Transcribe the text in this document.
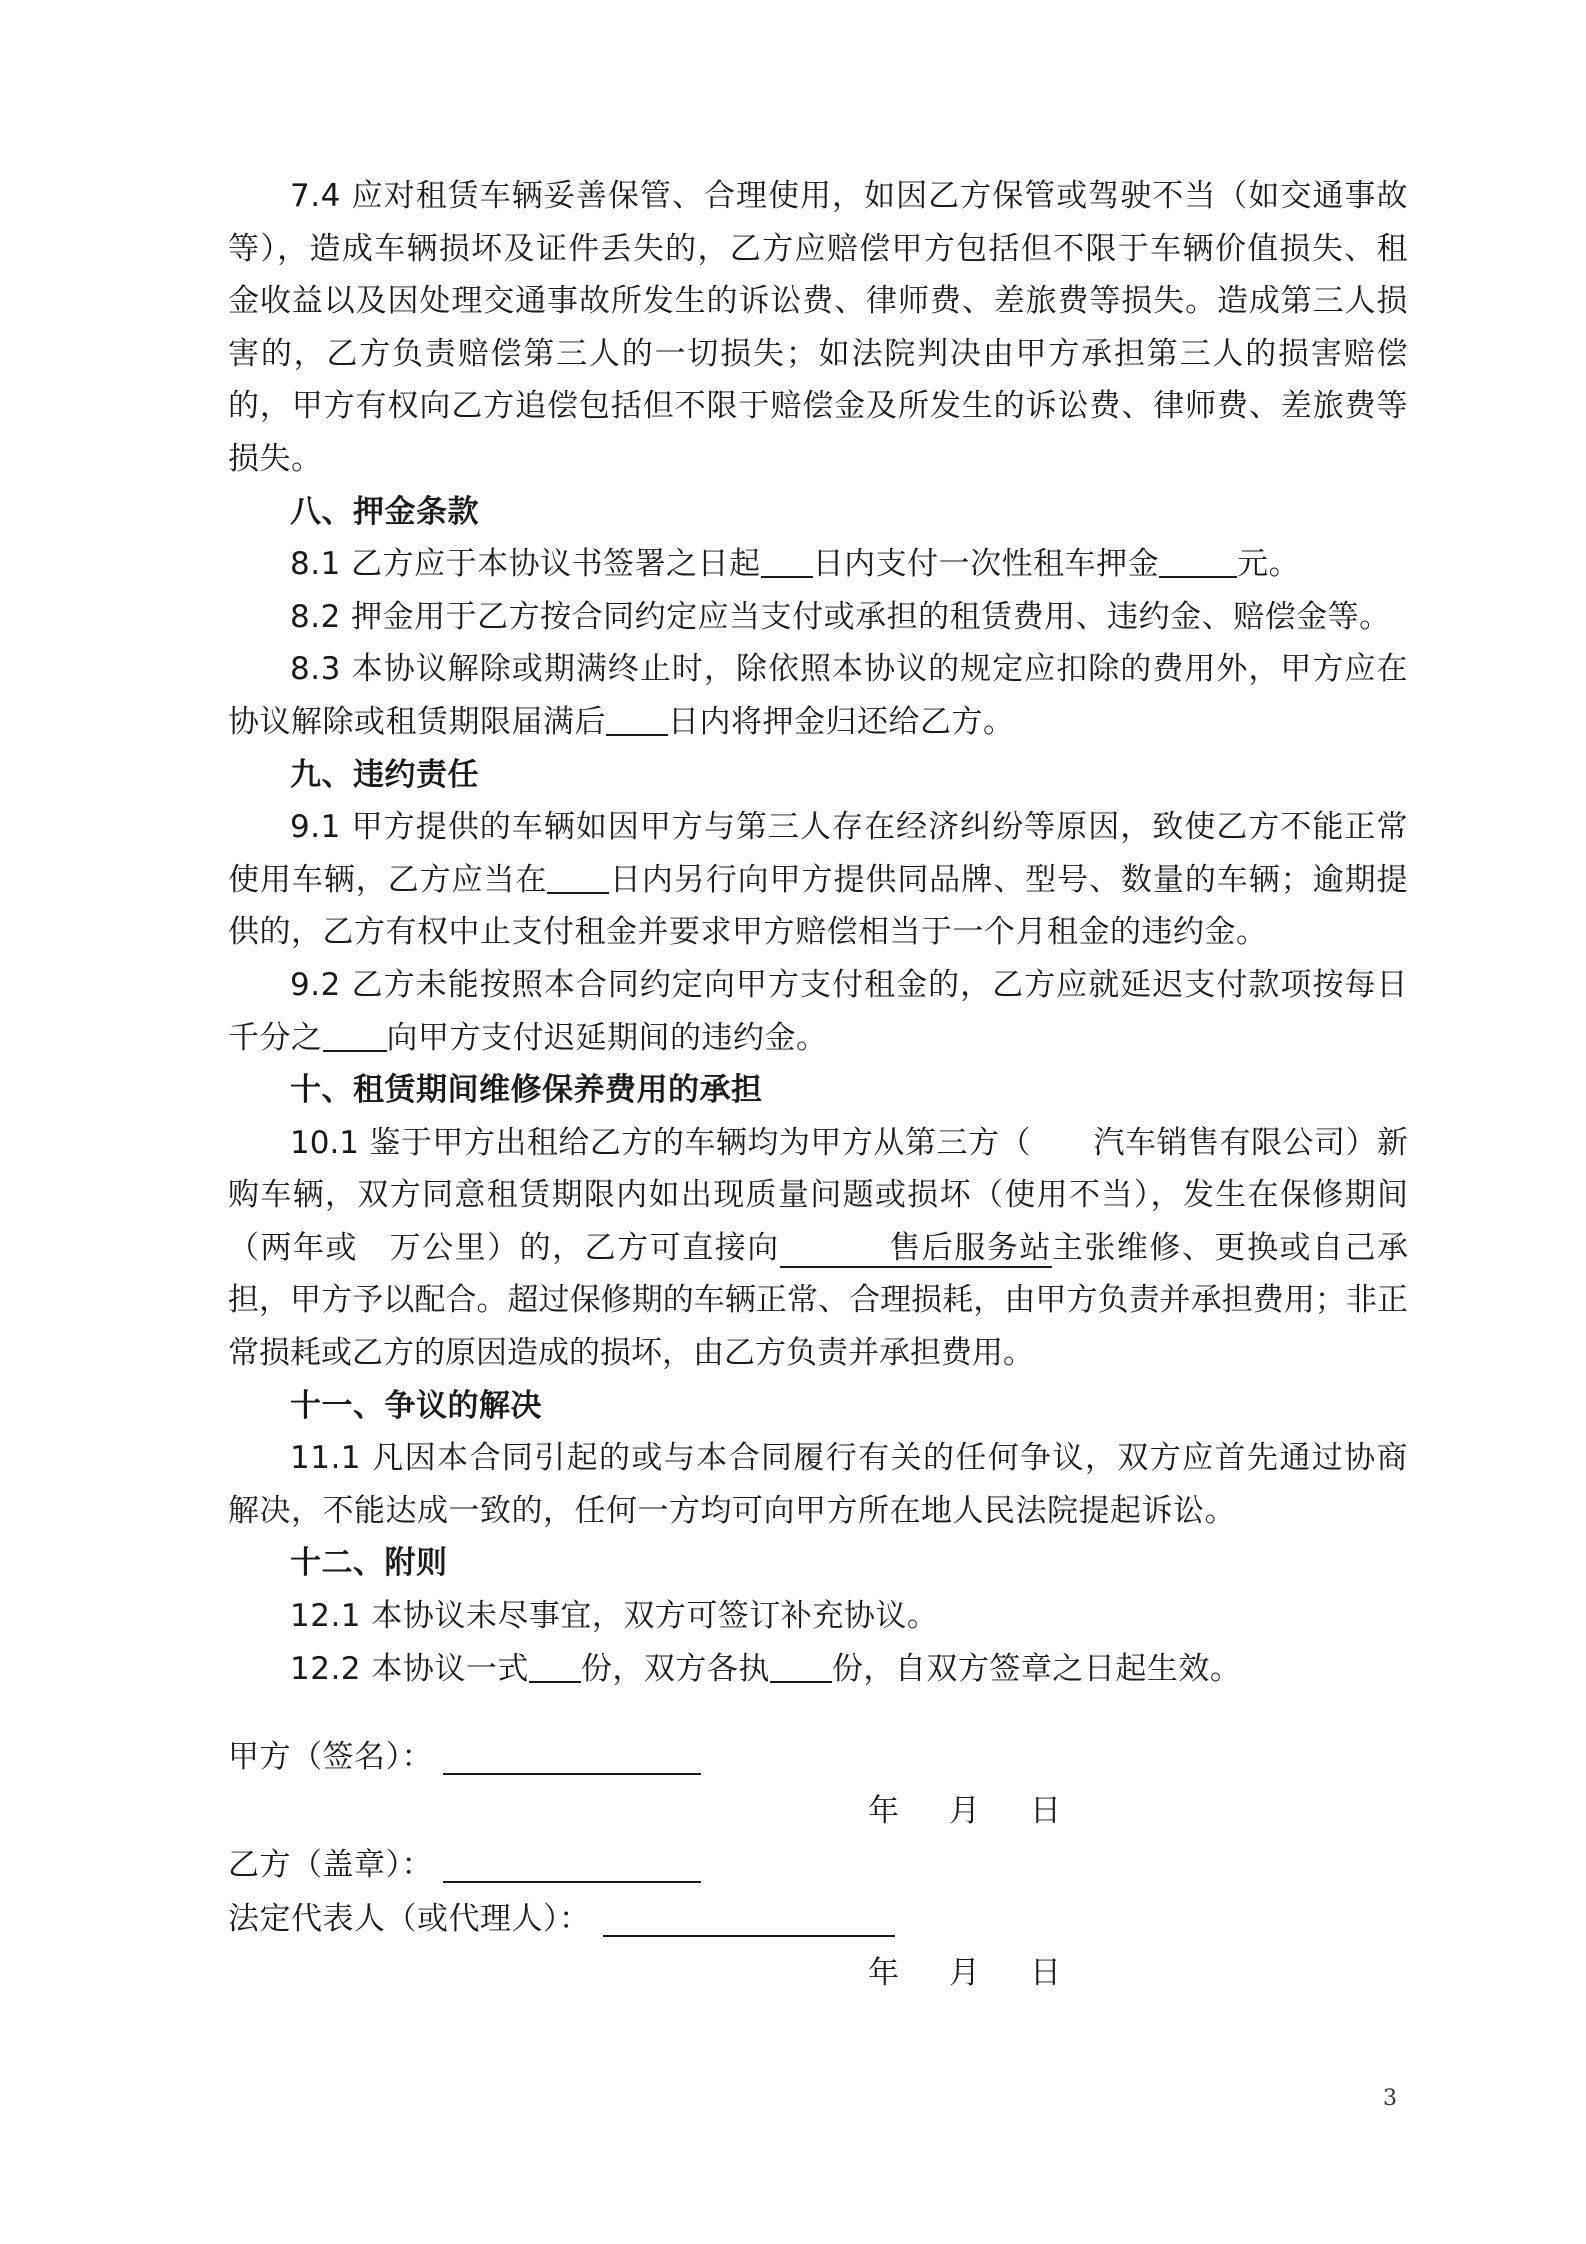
7.4 应对租赁车辆妥善保管、合理使用，如因乙方保管或驾驶不当（如交通事故等），造成车辆损坏及证件丢失的，乙方应赔偿甲方包括但不限于车辆价值损失、租金收益以及因处理交通事故所发生的诉讼费、律师费、差旅费等损失。造成第三人损害的，乙方负责赔偿第三人的一切损失；如法院判决由甲方承担第三人的损害赔偿的，甲方有权向乙方追偿包括但不限于赔偿金及所发生的诉讼费、律师费、差旅费等损失。

八、押金条款

8.1 乙方应于本协议书签署之日起 日内支付一次性租车押金	元。

8.2 押金用于乙方按合同约定应当支付或承担的租赁费用、违约金、赔偿金等。

8.3 本协议解除或期满终止时，除依照本协议的规定应扣除的费用外，甲方应在协议解除或租赁期限届满后 日内将押金归还给乙方。

九、违约责任

9.1 甲方提供的车辆如因甲方与第三人存在经济纠纷等原因，致使乙方不能正常使用车辆，乙方应当在 日内另行向甲方提供同品牌、型号、数量的车辆；逾期提供的，乙方有权中止支付租金并要求甲方赔偿相当于一个月租金的违约金。

9.2 乙方未能按照本合同约定向甲方支付租金的，乙方应就延迟支付款项按每日千分之 向甲方支付迟延期间的违约金。

十、租赁期间维修保养费用的承担

10.1 鉴于甲方出租给乙方的车辆均为甲方从第三方（ 汽车销售有限公司）新购车辆，双方同意租赁期限内如出现质量问题或损坏（使用不当），发生在保修期间（两年或 万公里）的，乙方可直接向	售后服务站主张维修、更换或自己承担，甲方予以配合。超过保修期的车辆正常、合理损耗，由甲方负责并承担费用；非正常损耗或乙方的原因造成的损坏，由乙方负责并承担费用。

十一、争议的解决

11.1 凡因本合同引起的或与本合同履行有关的任何争议，双方应首先通过协商解决，不能达成一致的，任何一方均可向甲方所在地人民法院提起诉讼。

十二、附则

12.1 本协议未尽事宜，双方可签订补充协议。

12.2 本协议一式 份，双方各执 份，自双方签章之日起生效。

甲方（签名）：
年 月 日
乙方（盖章）：
法定代表人（或代理人）：
年 月 日
3
